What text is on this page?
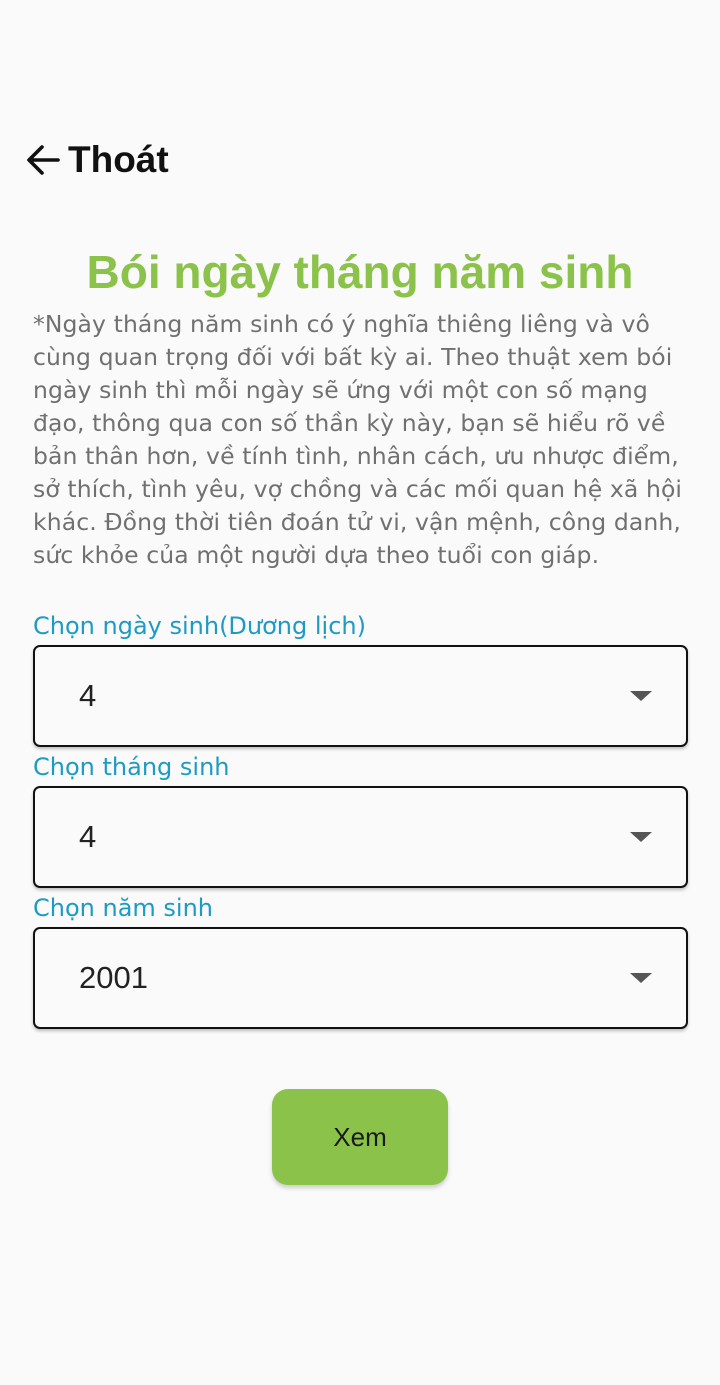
Thoát
Bói ngày tháng năm sinh
*Ngày tháng năm sinh có ý nghĩa thiêng liêng và vô cùng quan trọng đối với bất kỳ ai. Theo thuật xem bói ngày sinh thì mỗi ngày sẽ ứng với một con số mạng đạo, thông qua con số thần kỳ này, bạn sẽ hiểu rõ về bản thân hơn, về tính tình, nhân cách, ưu nhược điểm, sở thích, tình yêu, vợ chồng và các mối quan hệ xã hội khác. Đồng thời tiên đoán tử vi, vận mệnh, công danh, sức khỏe của một người dựa theo tuổi con giáp.
Chọn ngày sinh(Dương lịch)
4
Chọn tháng sinh
4
Chọn năm sinh
2001
Xem
